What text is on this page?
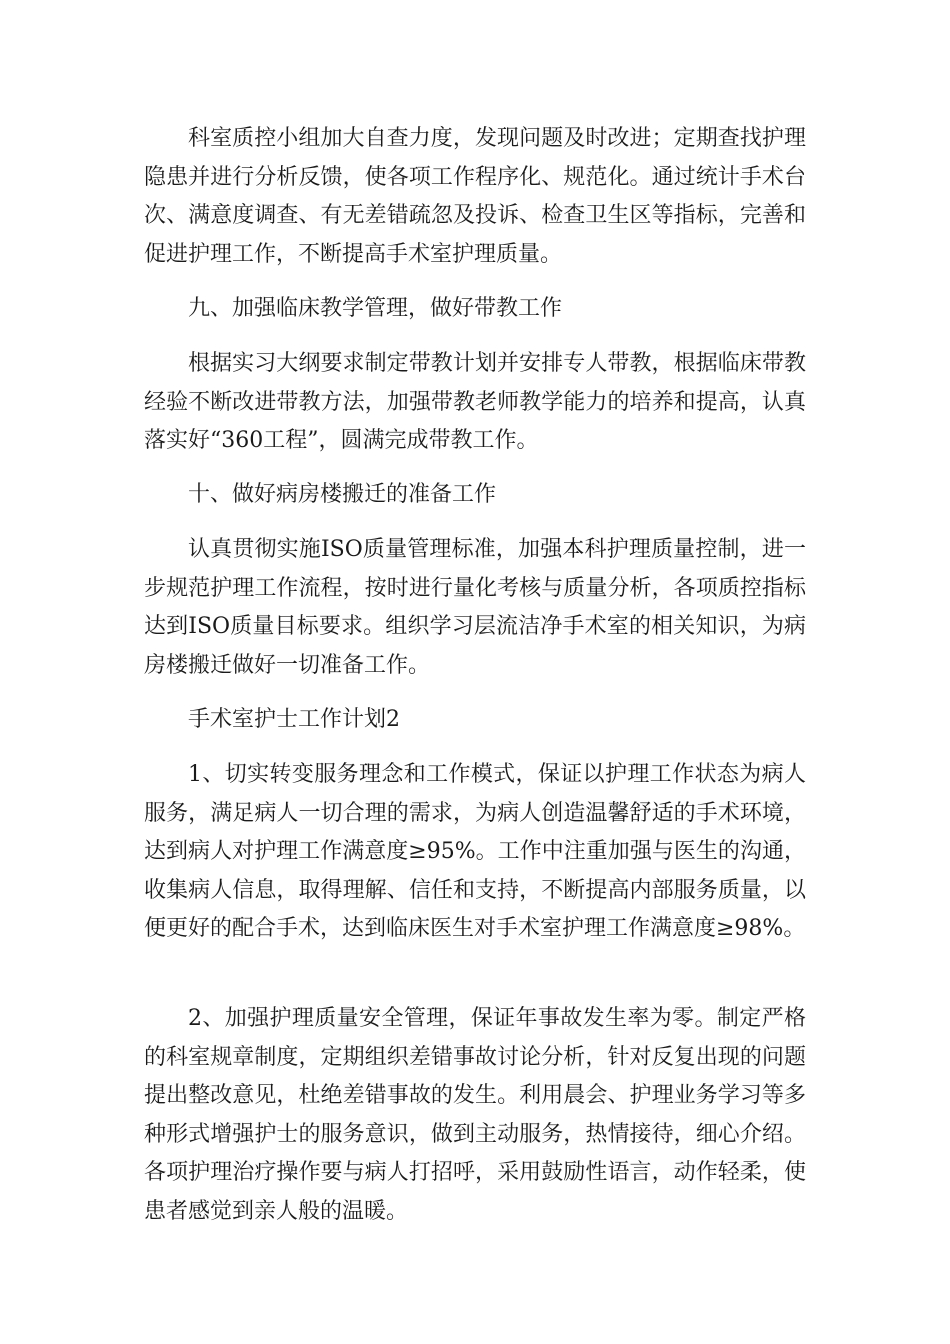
科室质控小组加大自查力度，发现问题及时改进；定期查找护理隐患并进行分析反馈，使各项工作程序化、规范化。通过统计手术台次、满意度调查、有无差错疏忽及投诉、检查卫生区等指标，完善和促进护理工作，不断提高手术室护理质量。
九、加强临床教学管理，做好带教工作
根据实习大纲要求制定带教计划并安排专人带教，根据临床带教经验不断改进带教方法，加强带教老师教学能力的培养和提高，认真落实好“360工程”，圆满完成带教工作。
十、做好病房楼搬迁的准备工作
认真贯彻实施ISO质量管理标准，加强本科护理质量控制，进一步规范护理工作流程，按时进行量化考核与质量分析，各项质控指标达到ISO质量目标要求。组织学习层流洁净手术室的相关知识，为病房楼搬迁做好一切准备工作。
手术室护士工作计划2
1、切实转变服务理念和工作模式，保证以护理工作状态为病人服务，满足病人一切合理的需求，为病人创造温馨舒适的手术环境，达到病人对护理工作满意度≥95%。工作中注重加强与医生的沟通，收集病人信息，取得理解、信任和支持，不断提高内部服务质量，以便更好的配合手术，达到临床医生对手术室护理工作满意度≥98%。
2、加强护理质量安全管理，保证年事故发生率为零。制定严格的科室规章制度，定期组织差错事故讨论分析，针对反复出现的问题提出整改意见，杜绝差错事故的发生。利用晨会、护理业务学习等多种形式增强护士的服务意识，做到主动服务，热情接待，细心介绍。各项护理治疗操作要与病人打招呼，采用鼓励性语言，动作轻柔，使患者感觉到亲人般的温暖。
